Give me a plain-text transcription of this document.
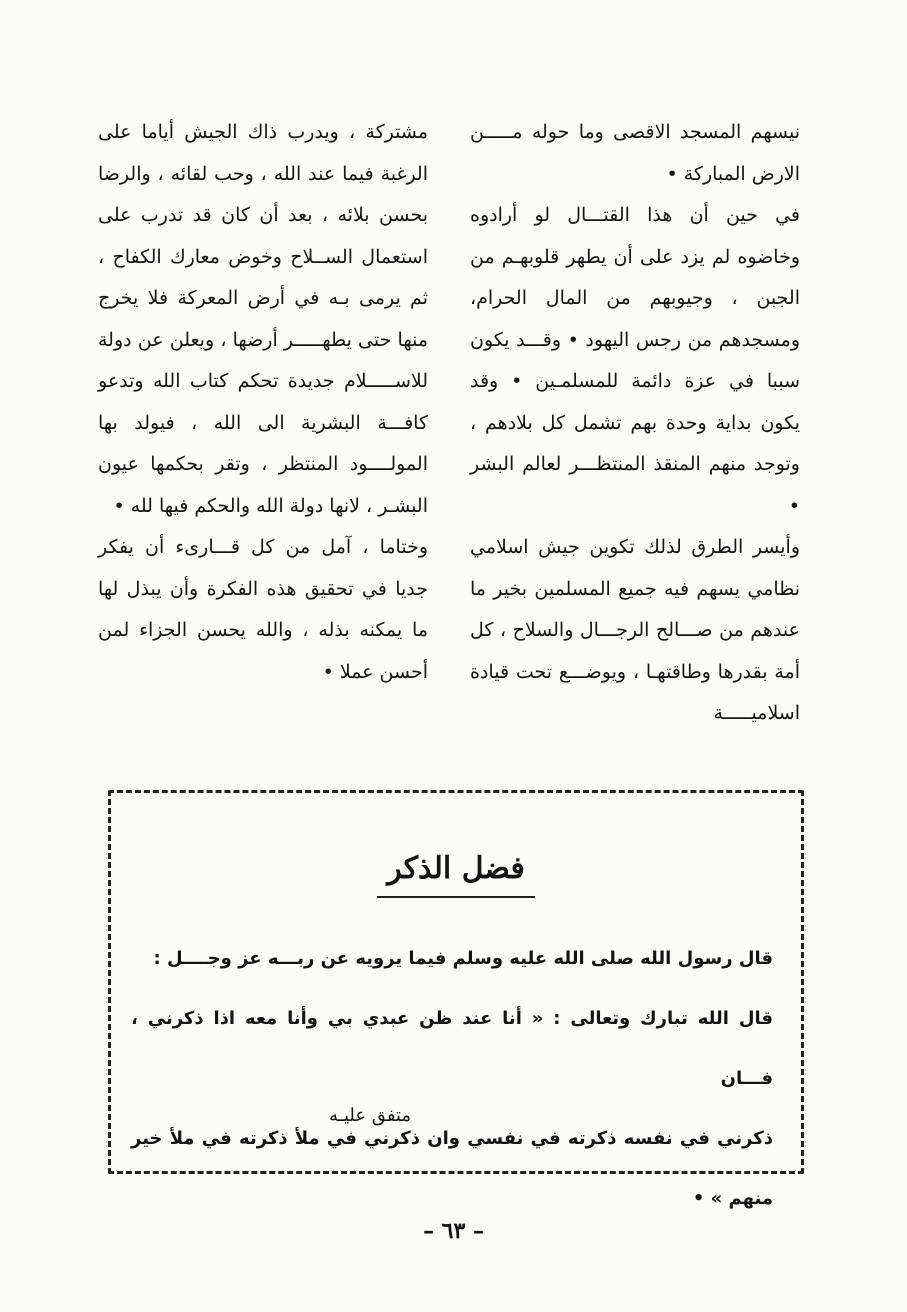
نيسهم المسجد الاقصى وما حوله مـــــن الارض المباركة •

في حين أن هذا القتـــال لو أرادوه وخاضوه لم يزد على أن يطهر قلوبهـم من الجبن ، وجيوبهم من المال الحرام، ومسجدهم من رجس اليهود • وقـــد يكون سببا في عزة دائمة للمسلمـين • وقد يكون بداية وحدة بهم تشمل كل بلادهم ، وتوجد منهم المنقذ المنتظـــر لعالم البشر •

وأيسر الطرق لذلك تكوين جيش اسلامي نظامي يسهم فيه جميع المسلمين بخير ما عندهم من صـــالح الرجـــال والسلاح ، كل أمة بقدرها وطاقتهـا ، ويوضـــع تحت قيادة اسلاميـــــة

مشتركة ، ويدرب ذاك الجيش أياما على الرغبة فيما عند الله ، وحب لقائه ، والرضا بحسن بلائه ، بعد أن كان قد تدرب على استعمال الســلاح وخوض معارك الكفاح ، ثم يرمى بـه في أرض المعركة فلا يخرج منها حتى يطهـــــر أرضها ، ويعلن عن دولة للاســـــلام جديدة تحكم كتاب الله وتدعو كافـــة البشرية الى الله ، فيولد بها المولــــود المنتظر ، وتقر بحكمها عيون البشـر ، لانها دولة الله والحكم فيها لله •

وختاما ، آمل من كل قـــارىء أن يفكر جديا في تحقيق هذه الفكرة وأن يبذل لها ما يمكنه بذله ، والله يحسن الجزاء لمن أحسن عملا •

فضل الذكر

قال رسول الله صلى الله عليه وسلم فيما يرويه عن ربـــه عز وجــــل :

قال الله تبارك وتعالى : « أنا عند ظن عبدي بي وأنا معه اذا ذكرني ، فـــان

ذكرني في نفسه ذكرته في نفسي وان ذكرني في ملأ ذكرته في ملأ خير منهم » •

متفق عليـه
– ٦٣ –
